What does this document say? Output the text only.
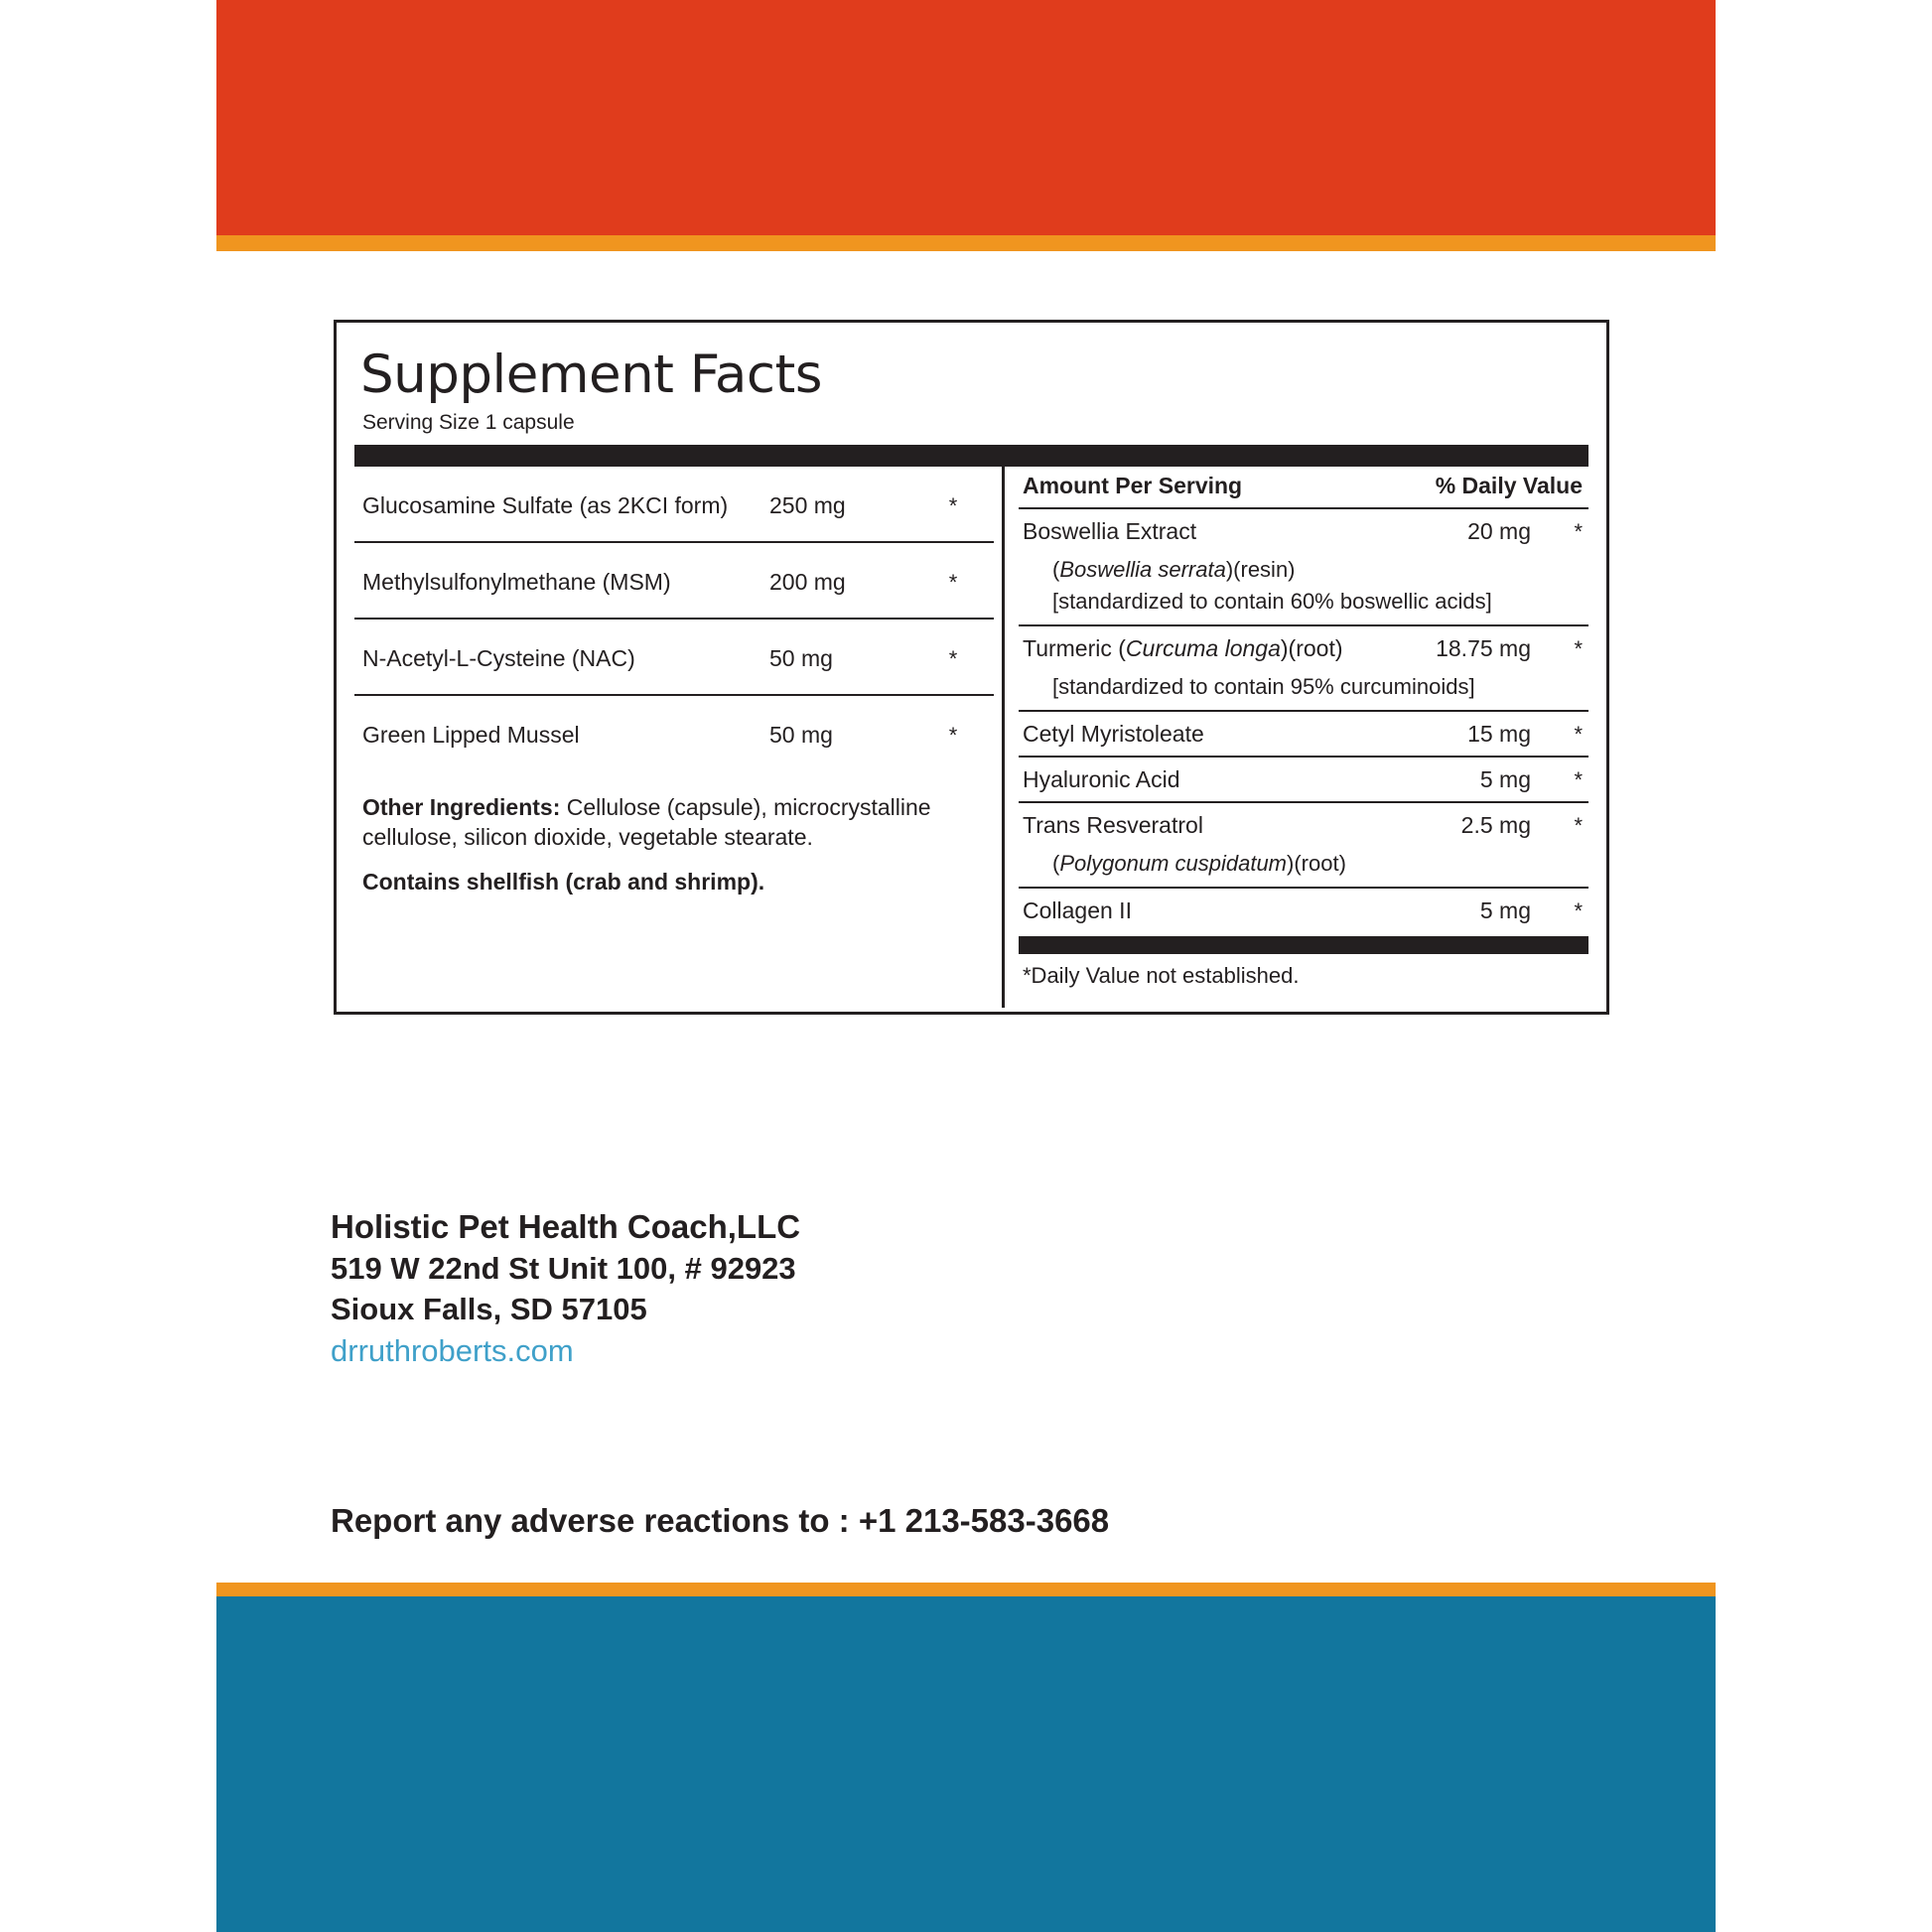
Supplement Facts
Serving Size 1 capsule
Glucosamine Sulfate (as 2KCI form)	250 mg	*
Methylsulfonylmethane (MSM)	200 mg	*
N-Acetyl-L-Cysteine (NAC)	50 mg	*
Green Lipped Mussel	50 mg	*
Other Ingredients: Cellulose (capsule), microcrystalline cellulose, silicon dioxide, vegetable stearate.
Contains shellfish (crab and shrimp).
Amount Per Serving	% Daily Value
Boswellia Extract	20 mg	*
(Boswellia serrata)(resin)
[standardized to contain 60% boswellic acids]
Turmeric (Curcuma longa)(root)	18.75 mg	*
[standardized to contain 95% curcuminoids]
Cetyl Myristoleate	15 mg	*
Hyaluronic Acid	5 mg	*
Trans Resveratrol	2.5 mg	*
(Polygonum cuspidatum)(root)
Collagen II	5 mg	*
*Daily Value not established.
Holistic Pet Health Coach,LLC
519 W 22nd St Unit 100, # 92923
Sioux Falls, SD 57105
drruthroberts.com
Report any adverse reactions to : +1 213-583-3668
